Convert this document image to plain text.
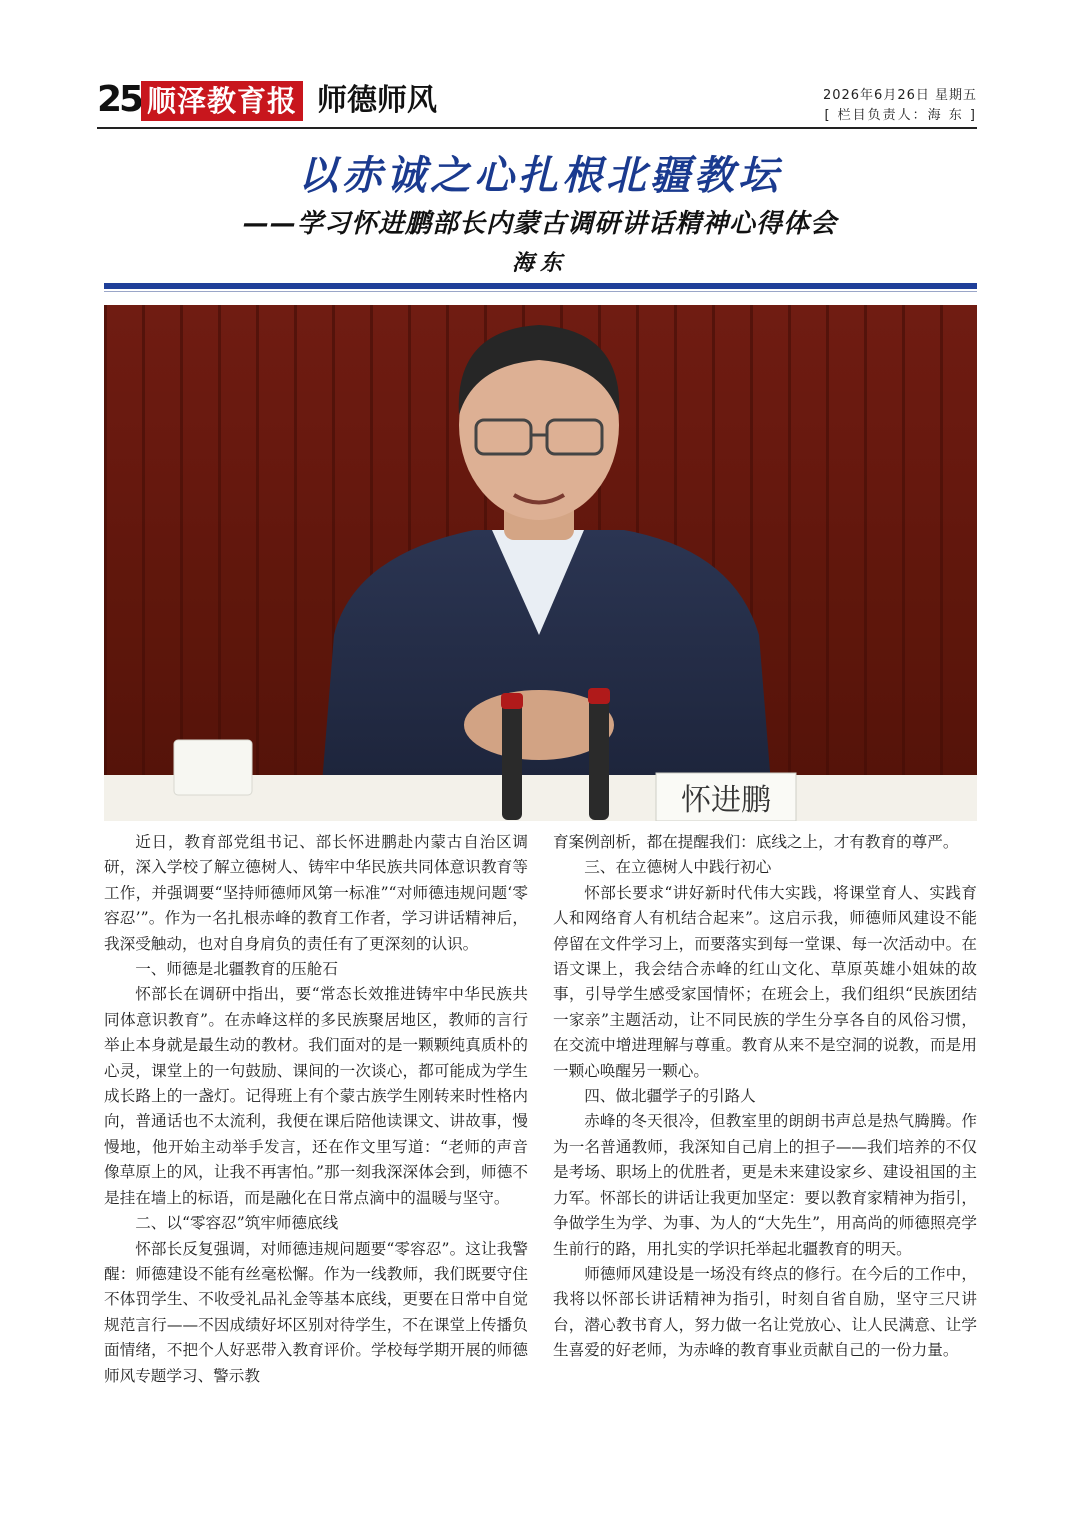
25 顺泽教育报 师德师风	2026年6月26日 星期五
[ 栏目负责人：海 东 ]
以赤诚之心扎根北疆教坛
——学习怀进鹏部长内蒙古调研讲话精神心得体会
海东
怀进鹏

近日，教育部党组书记、部长怀进鹏赴内蒙古自治区调研，深入学校了解立德树人、铸牢中华民族共同体意识教育等工作，并强调要“坚持师德师风第一标准”“对师德违规问题‘零容忍’”。作为一名扎根赤峰的教育工作者，学习讲话精神后，我深受触动，也对自身肩负的责任有了更深刻的认识。

一、师德是北疆教育的压舱石

怀部长在调研中指出，要“常态长效推进铸牢中华民族共同体意识教育”。在赤峰这样的多民族聚居地区，教师的言行举止本身就是最生动的教材。我们面对的是一颗颗纯真质朴的心灵，课堂上的一句鼓励、课间的一次谈心，都可能成为学生成长路上的一盏灯。记得班上有个蒙古族学生刚转来时性格内向，普通话也不太流利，我便在课后陪他读课文、讲故事，慢慢地，他开始主动举手发言，还在作文里写道：“老师的声音像草原上的风，让我不再害怕。”那一刻我深深体会到，师德不是挂在墙上的标语，而是融化在日常点滴中的温暖与坚守。

二、以“零容忍”筑牢师德底线

怀部长反复强调，对师德违规问题要“零容忍”。这让我警醒：师德建设不能有丝毫松懈。作为一线教师，我们既要守住不体罚学生、不收受礼品礼金等基本底线，更要在日常中自觉规范言行——不因成绩好坏区别对待学生，不在课堂上传播负面情绪，不把个人好恶带入教育评价。学校每学期开展的师德师风专题学习、警示教

育案例剖析，都在提醒我们：底线之上，才有教育的尊严。

三、在立德树人中践行初心

怀部长要求“讲好新时代伟大实践，将课堂育人、实践育人和网络育人有机结合起来”。这启示我，师德师风建设不能停留在文件学习上，而要落实到每一堂课、每一次活动中。在语文课上，我会结合赤峰的红山文化、草原英雄小姐妹的故事，引导学生感受家国情怀；在班会上，我们组织“民族团结一家亲”主题活动，让不同民族的学生分享各自的风俗习惯，在交流中增进理解与尊重。教育从来不是空洞的说教，而是用一颗心唤醒另一颗心。

四、做北疆学子的引路人

赤峰的冬天很冷，但教室里的朗朗书声总是热气腾腾。作为一名普通教师，我深知自己肩上的担子——我们培养的不仅是考场、职场上的优胜者，更是未来建设家乡、建设祖国的主力军。怀部长的讲话让我更加坚定：要以教育家精神为指引，争做学生为学、为事、为人的“大先生”，用高尚的师德照亮学生前行的路，用扎实的学识托举起北疆教育的明天。

师德师风建设是一场没有终点的修行。在今后的工作中，我将以怀部长讲话精神为指引，时刻自省自励，坚守三尺讲台，潜心教书育人，努力做一名让党放心、让人民满意、让学生喜爱的好老师，为赤峰的教育事业贡献自己的一份力量。
